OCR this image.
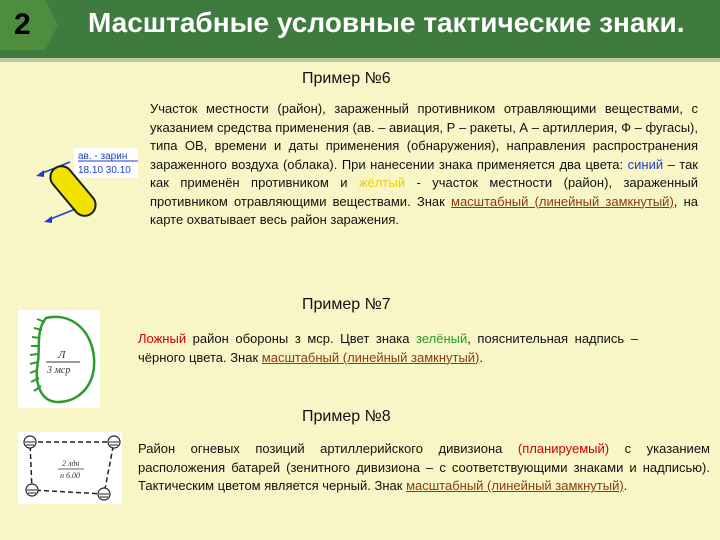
2 Масштабные условные тактические знаки.
Пример №6
ав. - зарин
18.10 30.10
Участок местности (район), зараженный противником отравляющими веществами, с указанием средства применения (ав. – авиация, Р – ракеты, А – артиллерия, Ф – фугасы), типа ОВ, времени и даты применения (обнаружения), направления распространения зараженного воздуха (облака). При нанесении знака применяется два цвета: синий – так как применён противником и жёлтый - участок местности (район), зараженный противником отравляющими веществами. Знак масштабный (линейный замкнутый), на карте охватывает весь район заражения.
Пример №7
Л
3 мср
Ложный район обороны з мср. Цвет знака зелёный, пояснительная надпись – чёрного цвета. Знак масштабный (линейный замкнутый).
Пример №8
2 лдн
н 6.00
Район огневых позиций артиллерийского дивизиона (планируемый) с указанием расположения батарей (зенитного дивизиона – с соответствующими знаками и надписью). Тактическим цветом является черный. Знак масштабный (линейный замкнутый).
